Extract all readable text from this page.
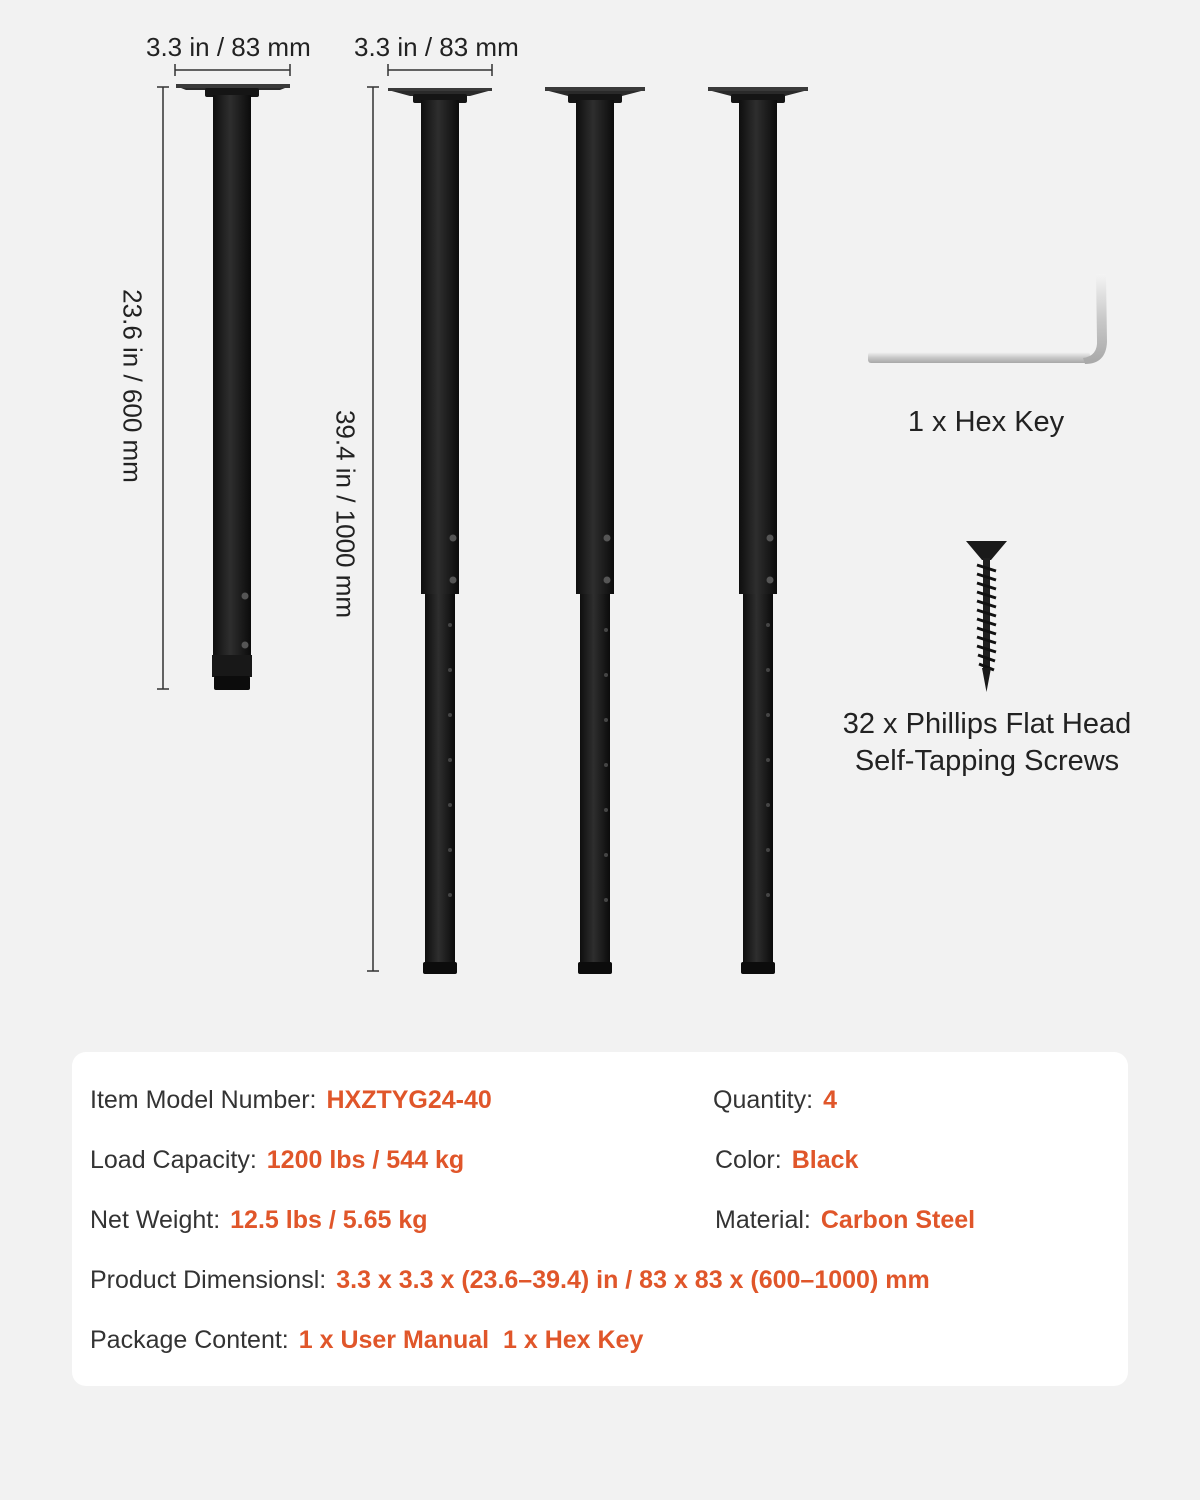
3.3 in / 83 mm 3.3 in / 83 mm
23.6 in / 600 mm
39.4 in / 1000 mm	1 x Hex Key
32 x Phillips Flat Head
Self-Tapping Screws
Item Model Number: HXZTYG24-40	Quantity: 4
Load Capacity: 1200 lbs / 544 kg	Color: Black
Net Weight: 12.5 lbs / 5.65 kg	Material: Carbon Steel
Product Dimensionsl: 3.3 x 3.3 x (23.6–39.4) in / 83 x 83 x (600–1000) mm
Package Content: 1 x User Manual  1 x Hex Key
